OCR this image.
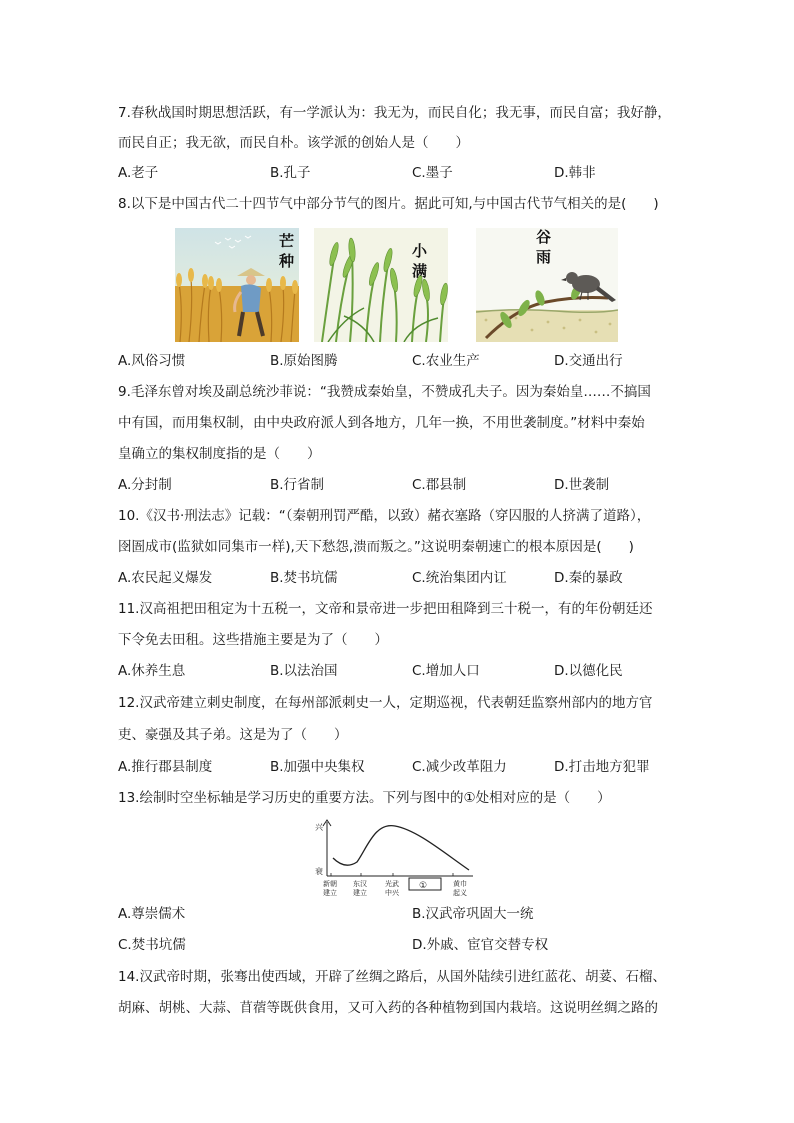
7.春秋战国时期思想活跃，有一学派认为：我无为，而民自化；我无事，而民自富；我好静，
而民自正；我无欲，而民自朴。该学派的创始人是（　　）
A.老子	B.孔子	C.墨子	D.韩非
8.以下是中国古代二十四节气中部分节气的图片。据此可知,与中国古代节气相关的是(　　)
芒
种
小
满
谷
雨
A.风俗习惯	B.原始图腾	C.农业生产	D.交通出行
9.毛泽东曾对埃及副总统沙菲说：“我赞成秦始皇，不赞成孔夫子。因为秦始皇……不搞国
中有国，而用集权制，由中央政府派人到各地方，几年一换，不用世袭制度。”材料中秦始
皇确立的集权制度指的是（　　）
A.分封制	B.行省制	C.郡县制	D.世袭制
10.《汉书·刑法志》记载：“（秦朝刑罚严酷，以致）赭衣塞路（穿囚服的人挤满了道路），
囹圄成市(监狱如同集市一样),天下愁怨,溃而叛之。”这说明秦朝速亡的根本原因是(　　)
A.农民起义爆发	B.焚书坑儒	C.统治集团内讧	D.秦的暴政
11.汉高祖把田租定为十五税一，文帝和景帝进一步把田租降到三十税一，有的年份朝廷还
下令免去田租。这些措施主要是为了（　　）
A.休养生息	B.以法治国	C.增加人口	D.以德化民
12.汉武帝建立刺史制度，在每州部派刺史一人，定期巡视，代表朝廷监察州部内的地方官
吏、豪强及其子弟。这是为了（　　）
A.推行郡县制度	B.加强中央集权	C.减少改革阻力	D.打击地方犯罪
13.绘制时空坐标轴是学习历史的重要方法。下列与图中的①处相对应的是（　　）
兴
衰
①
新朝
建立
东汉
建立
光武
中兴
黄巾
起义
A.尊崇儒术	B.汉武帝巩固大一统
C.焚书坑儒	D.外戚、宦官交替专权
14.汉武帝时期，张骞出使西域，开辟了丝绸之路后，从国外陆续引进红蓝花、胡荽、石榴、
胡麻、胡桃、大蒜、苜蓿等既供食用，又可入药的各种植物到国内栽培。这说明丝绸之路的
